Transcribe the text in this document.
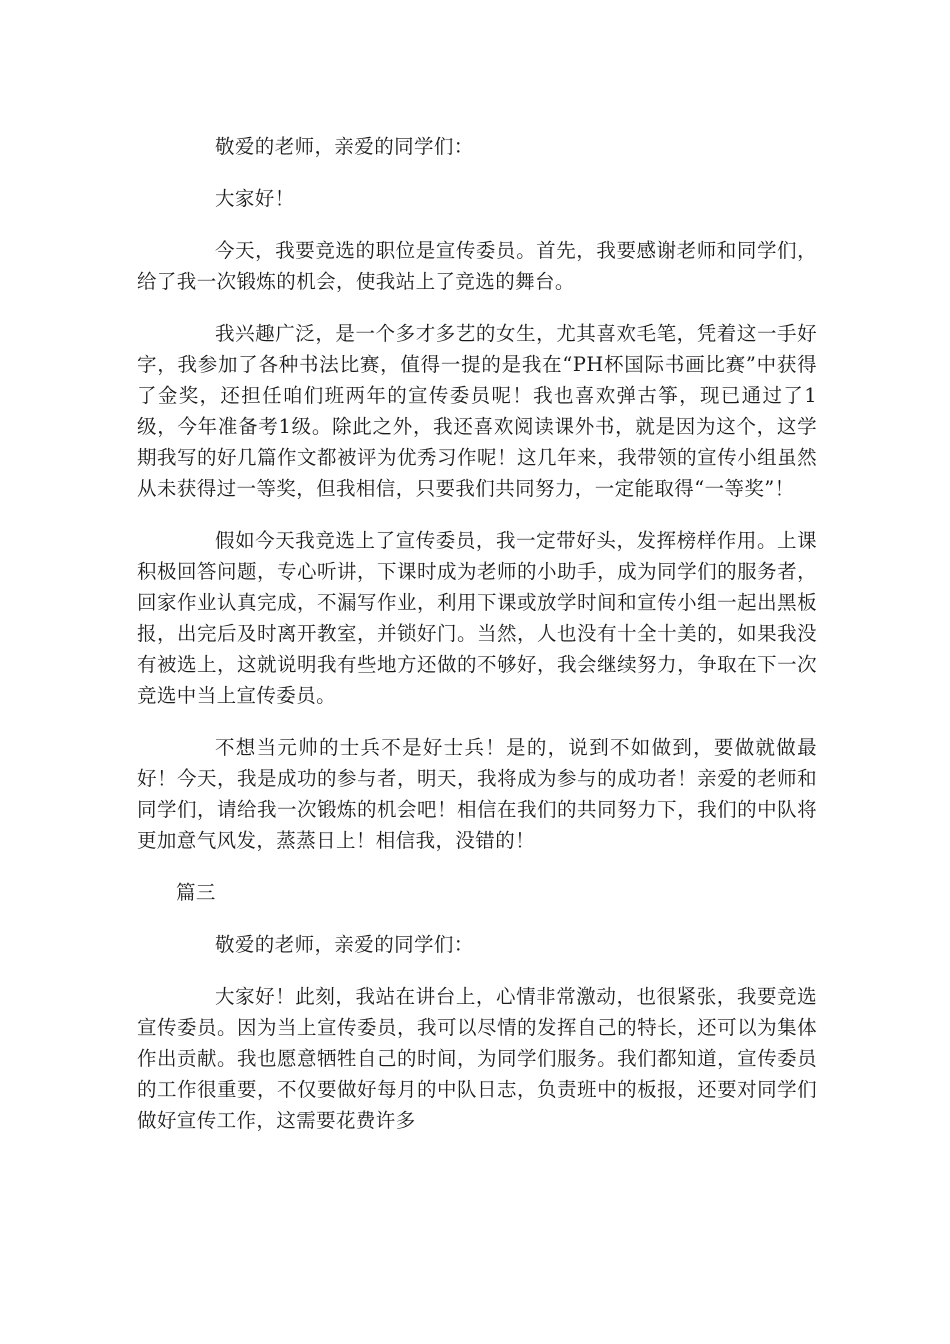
敬爱的老师，亲爱的同学们：

大家好！

今天，我要竞选的职位是宣传委员。首先，我要感谢老师和同学们，给了我一次锻炼的机会，使我站上了竞选的舞台。

我兴趣广泛，是一个多才多艺的女生，尤其喜欢毛笔，凭着这一手好字，我参加了各种书法比赛，值得一提的是我在“PH杯国际书画比赛”中获得了金奖，还担任咱们班两年的宣传委员呢！我也喜欢弹古筝，现已通过了1级，今年准备考1级。除此之外，我还喜欢阅读课外书，就是因为这个，这学期我写的好几篇作文都被评为优秀习作呢！这几年来，我带领的宣传小组虽然从未获得过一等奖，但我相信，只要我们共同努力，一定能取得“一等奖”！

假如今天我竞选上了宣传委员，我一定带好头，发挥榜样作用。上课积极回答问题，专心听讲，下课时成为老师的小助手，成为同学们的服务者，回家作业认真完成，不漏写作业，利用下课或放学时间和宣传小组一起出黑板报，出完后及时离开教室，并锁好门。当然，人也没有十全十美的，如果我没有被选上，这就说明我有些地方还做的不够好，我会继续努力，争取在下一次竞选中当上宣传委员。

不想当元帅的士兵不是好士兵！是的，说到不如做到，要做就做最好！今天，我是成功的参与者，明天，我将成为参与的成功者！亲爱的老师和同学们，请给我一次锻炼的机会吧！相信在我们的共同努力下，我们的中队将更加意气风发，蒸蒸日上！相信我，没错的！

篇三

敬爱的老师，亲爱的同学们：

大家好！此刻，我站在讲台上，心情非常激动，也很紧张，我要竞选宣传委员。因为当上宣传委员，我可以尽情的发挥自己的特长，还可以为集体作出贡献。我也愿意牺牲自己的时间，为同学们服务。我们都知道，宣传委员的工作很重要，不仅要做好每月的中队日志，负责班中的板报，还要对同学们做好宣传工作，这需要花费许多
